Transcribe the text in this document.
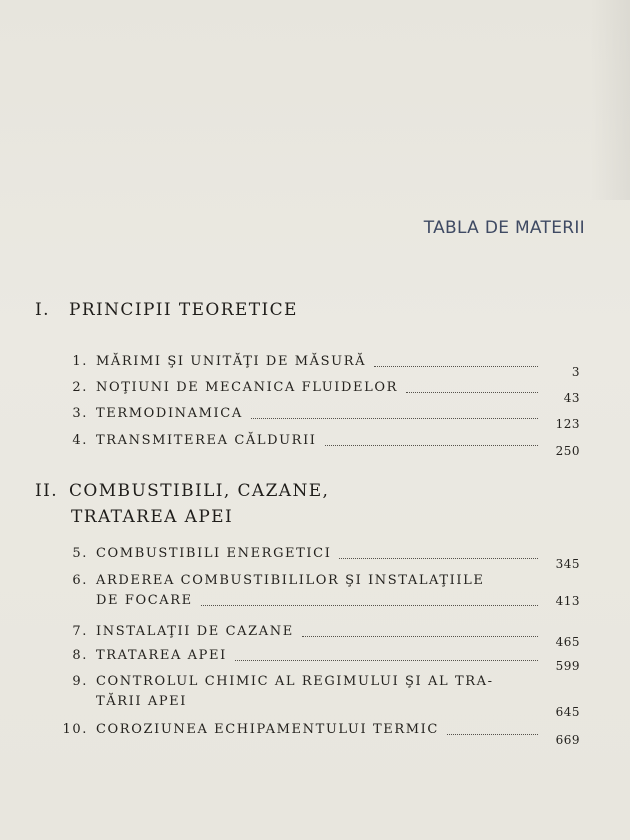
TABLA DE MATERII
I. PRINCIPII TEORETICE
1. MĂRIMI ŞI UNITĂŢI DE MĂSURĂ
3
2. NOŢIUNI DE MECANICA FLUIDELOR
43
3. TERMODINAMICA
123
4. TRANSMITEREA CĂLDURII
250
II. COMBUSTIBILI, CAZANE,
TRATAREA APEI
5. COMBUSTIBILI ENERGETICI
345
6. ARDEREA COMBUSTIBILILOR ŞI INSTALAŢIILE
DE FOCARE	413
7. INSTALAŢII DE CAZANE
465
8. TRATAREA APEI
599
9. CONTROLUL CHIMIC AL REGIMULUI ŞI AL TRA-
TĂRII APEI
645
10. COROZIUNEA ECHIPAMENTULUI TERMIC
669
